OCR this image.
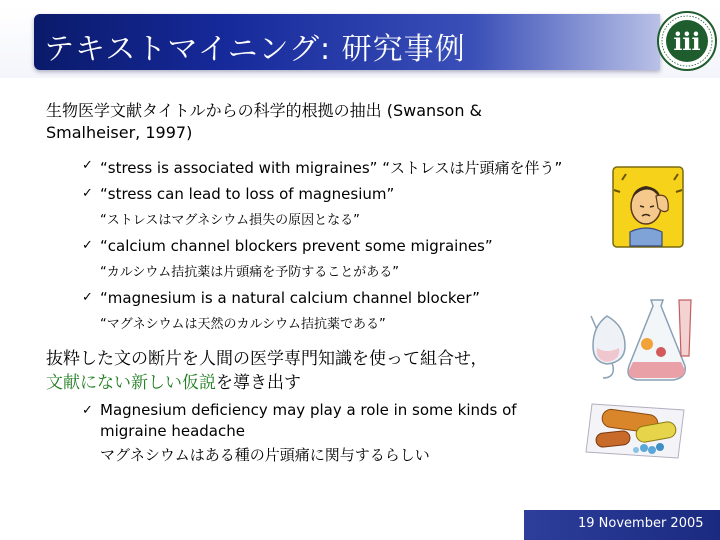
テキストマイニング: 研究事例	iii
生物医学文献タイトルからの科学的根拠の抽出 (Swanson &
Smalheiser, 1997)
✓ “stress is associated with migraines” “ストレスは片頭痛を伴う”
✓ “stress can lead to loss of magnesium”
“ストレスはマグネシウム損失の原因となる”
✓ “calcium channel blockers prevent some migraines”
“カルシウム拮抗薬は片頭痛を予防することがある”
✓ “magnesium is a natural calcium channel blocker”
“マグネシウムは天然のカルシウム拮抗薬である”
抜粋した文の断片を人間の医学専門知識を使って組合せ，
文献にない新しい仮説を導き出す
✓ Magnesium deficiency may play a role in some kinds of
migraine headache
マグネシウムはある種の片頭痛に関与するらしい
19 November 2005
